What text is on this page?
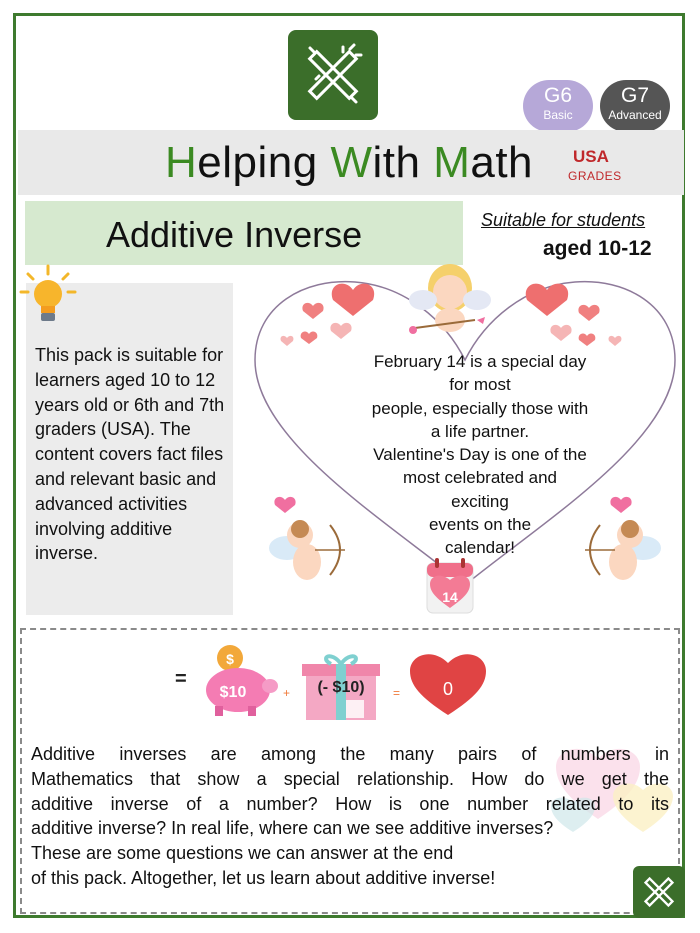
G6
Basic
G7
Advanced
Helping With Math USA
GRADES
Additive Inverse	Suitable for students
aged 10-12
This pack is suitable for learners aged 10 to 12 years old or 6th and 7th graders (USA). The content covers fact files and relevant basic and advanced activities involving additive inverse.
14
February 14 is a special day
for most
people, especially those with
a life partner.
Valentine's Day is one of the
most celebrated and
exciting
events on the
calendar!
=
$
$10	+ (- $10) = 0
Additive inverses are among the many pairs of numbers in
Mathematics that show a special relationship. How do we get the
additive inverse of a number? How is one number related to its
additive inverse? In real life, where can we see additive inverses?
These are some questions we can answer at the end
of this pack. Altogether, let us learn about additive inverse!
